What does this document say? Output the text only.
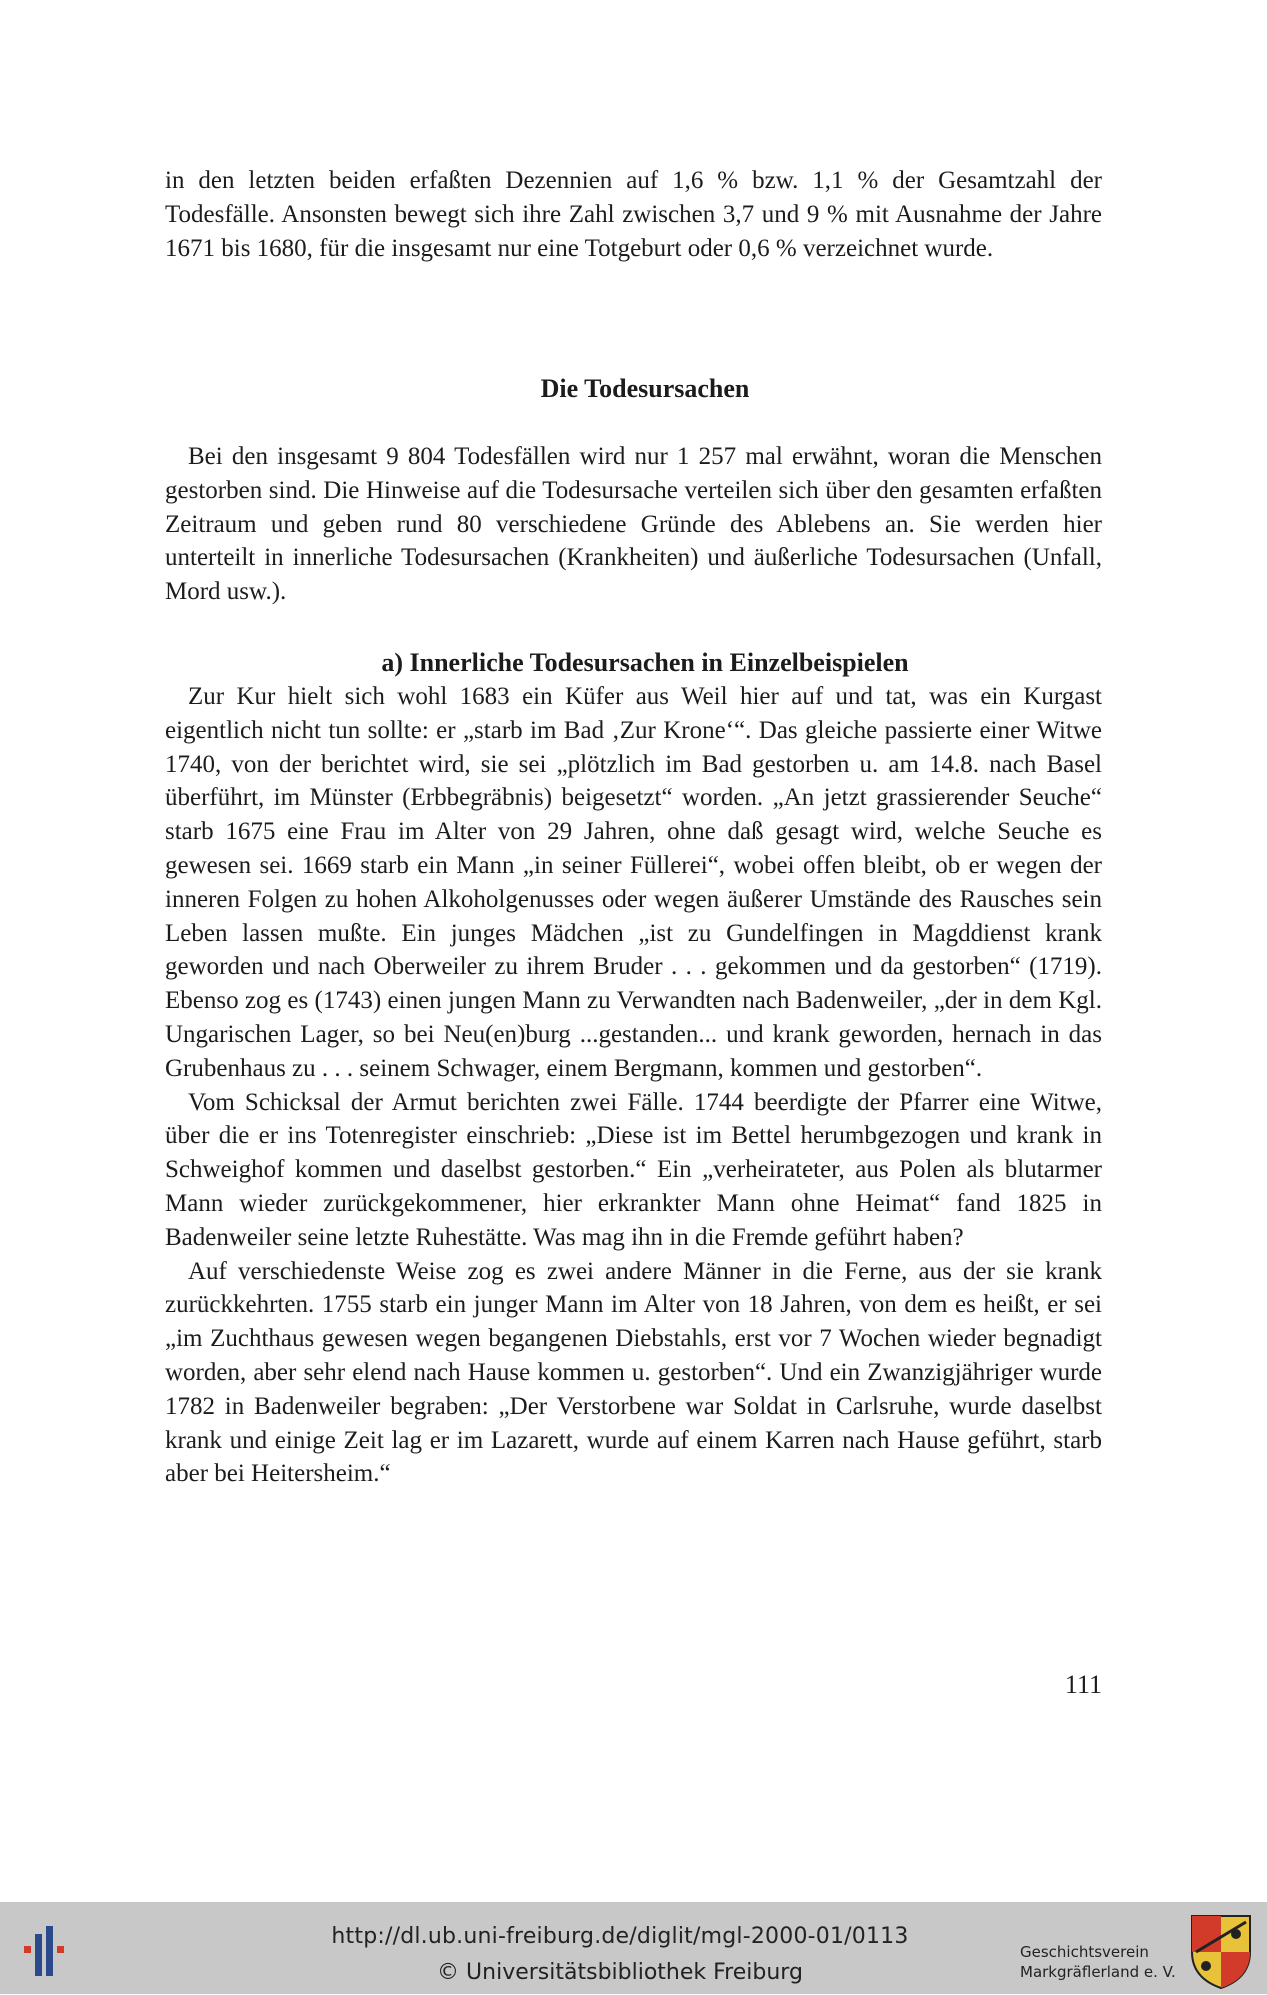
in den letzten beiden erfaßten Dezennien auf 1,6 % bzw. 1,1 % der Gesamtzahl der Todesfälle. Ansonsten bewegt sich ihre Zahl zwischen 3,7 und 9 % mit Ausnahme der Jahre 1671 bis 1680, für die insgesamt nur eine Totgeburt oder 0,6 % verzeichnet wurde.

Die Todesursachen

Bei den insgesamt 9 804 Todesfällen wird nur 1 257 mal erwähnt, woran die Menschen gestorben sind. Die Hinweise auf die Todesursache verteilen sich über den gesamten erfaßten Zeitraum und geben rund 80 verschiedene Gründe des Ablebens an. Sie werden hier unterteilt in innerliche Todesursachen (Krankheiten) und äußerliche Todesursachen (Unfall, Mord usw.).

a) Innerliche Todesursachen in Einzelbeispielen

Zur Kur hielt sich wohl 1683 ein Küfer aus Weil hier auf und tat, was ein Kurgast eigentlich nicht tun sollte: er „starb im Bad ‚Zur Krone‘“. Das gleiche passierte einer Witwe 1740, von der berichtet wird, sie sei „plötzlich im Bad gestorben u. am 14.8. nach Basel überführt, im Münster (Erbbegräbnis) beigesetzt“ worden. „An jetzt grassierender Seuche“ starb 1675 eine Frau im Alter von 29 Jahren, ohne daß gesagt wird, welche Seuche es gewesen sei. 1669 starb ein Mann „in seiner Füllerei“, wobei offen bleibt, ob er wegen der inneren Folgen zu hohen Alkoholgenusses oder wegen äußerer Umstände des Rausches sein Leben lassen mußte. Ein junges Mädchen „ist zu Gundelfingen in Magddienst krank geworden und nach Oberweiler zu ihrem Bruder . . . gekommen und da gestorben“ (1719). Ebenso zog es (1743) einen jungen Mann zu Verwandten nach Badenweiler, „der in dem Kgl. Ungarischen Lager, so bei Neu(en)burg ...gestanden... und krank geworden, hernach in das Grubenhaus zu . . . seinem Schwager, einem Bergmann, kommen und gestorben“.

Vom Schicksal der Armut berichten zwei Fälle. 1744 beerdigte der Pfarrer eine Witwe, über die er ins Totenregister einschrieb: „Diese ist im Bettel herumbgezogen und krank in Schweighof kommen und daselbst gestorben.“ Ein „verheirateter, aus Polen als blutarmer Mann wieder zurückgekommener, hier erkrankter Mann ohne Heimat“ fand 1825 in Badenweiler seine letzte Ruhestätte. Was mag ihn in die Fremde geführt haben?

Auf verschiedenste Weise zog es zwei andere Männer in die Ferne, aus der sie krank zurückkehrten. 1755 starb ein junger Mann im Alter von 18 Jahren, von dem es heißt, er sei „im Zuchthaus gewesen wegen begangenen Diebstahls, erst vor 7 Wochen wieder begnadigt worden, aber sehr elend nach Hause kommen u. gestorben“. Und ein Zwanzigjähriger wurde 1782 in Badenweiler begraben: „Der Verstorbene war Soldat in Carlsruhe, wurde daselbst krank und einige Zeit lag er im Lazarett, wurde auf einem Karren nach Hause geführt, starb aber bei Heitersheim.“

111
http://dl.ub.uni-freiburg.de/diglit/mgl-2000-01/0113
© Universitätsbibliothek Freiburg
Geschichtsverein
Markgräflerland e. V.
